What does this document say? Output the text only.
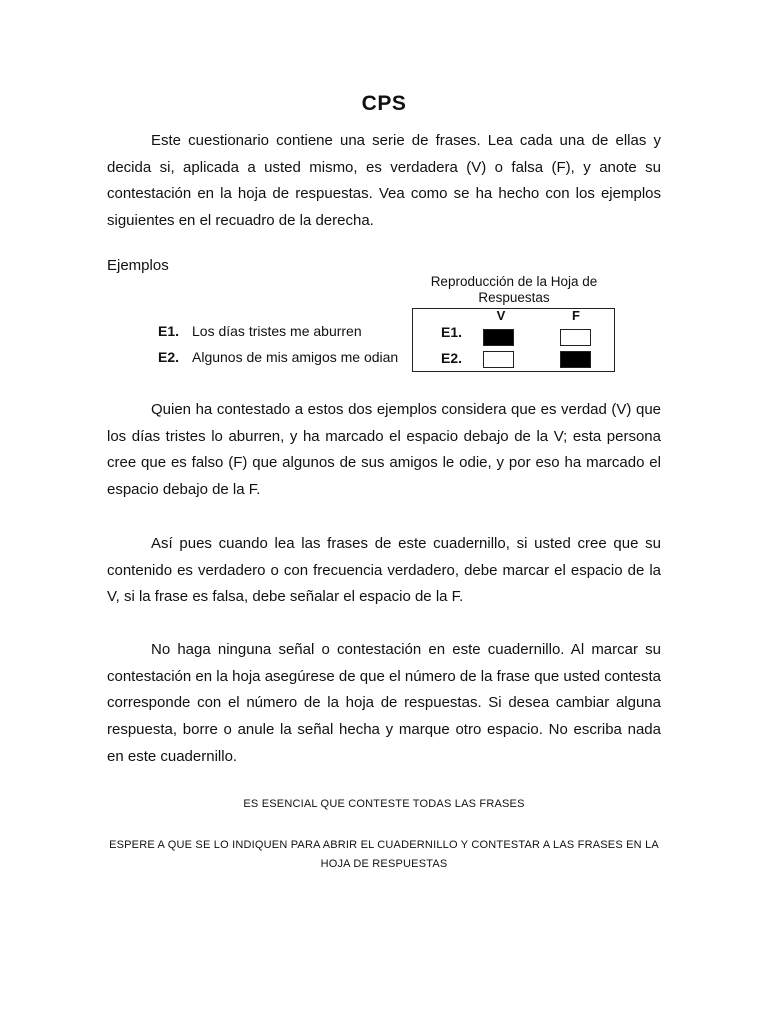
CPS

Este cuestionario contiene una serie de frases. Lea cada una de ellas y decida si, aplicada a usted mismo, es verdadera (V) o falsa (F), y anote su contestación en la hoja de respuestas. Vea como se ha hecho con los ejemplos siguientes en el recuadro de la derecha.

Ejemplos
Reproducción de la Hoja de Respuestas
E1. Los días tristes me aburren
E2. Algunos de mis amigos me odian
V	F
E1.
E2.

Quien ha contestado a estos dos ejemplos considera que es verdad (V) que los días tristes lo aburren, y ha marcado el espacio debajo de la V; esta persona cree que es falso (F) que algunos de sus amigos le odie, y por eso ha marcado el espacio debajo de la F.

Así pues cuando lea las frases de este cuadernillo, si usted cree que su contenido es verdadero o con frecuencia verdadero, debe marcar el espacio de la V, si la frase es falsa, debe señalar el espacio de la F.

No haga ninguna señal o contestación en este cuadernillo. Al marcar su contestación en la hoja asegúrese de que el número de la frase que usted contesta corresponde con el número de la hoja de respuestas. Si desea cambiar alguna respuesta, borre o anule la señal hecha y marque otro espacio. No escriba nada en este cuadernillo.

ES ESENCIAL QUE CONTESTE TODAS LAS FRASES
ESPERE A QUE SE LO INDIQUEN PARA ABRIR EL CUADERNILLO Y CONTESTAR A LAS FRASES EN LA HOJA DE RESPUESTAS
